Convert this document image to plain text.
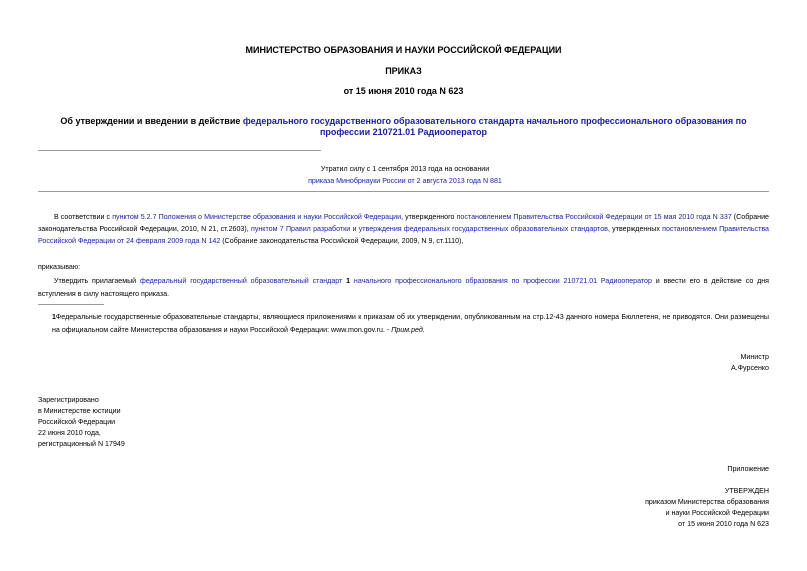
МИНИСТЕРСТВО ОБРАЗОВАНИЯ И НАУКИ РОССИЙСКОЙ ФЕДЕРАЦИИ
ПРИКАЗ
от 15 июня 2010 года N 623
Об утверждении и введении в действие федерального государственного образовательного стандарта начального профессионального образования по профессии 210721.01 Радиооператор
Утратил силу с 1 сентября 2013 года на основании
приказа Минобрнауки России от 2 августа 2013 года N 881
В соответствии с пунктом 5.2.7 Положения о Министерстве образования и науки Российской Федерации, утвержденного постановлением Правительства Российской Федерации от 15 мая 2010 года N 337 (Собрание законодательства Российской Федерации, 2010, N 21, ст.2603), пунктом 7 Правил разработки и утверждения федеральных государственных образовательных стандартов, утвержденных постановлением Правительства Российской Федерации от 24 февраля 2009 года N 142 (Собрание законодательства Российской Федерации, 2009, N 9, ст.1110),
приказываю:
Утвердить прилагаемый федеральный государственный образовательный стандарт 1 начального профессионального образования по профессии 210721.01 Радиооператор и ввести его в действие со дня вступления в силу настоящего приказа.
1Федеральные государственные образовательные стандарты, являющиеся приложениями к приказам об их утверждении, опубликованным на стр.12-43 данного номера Бюллетеня, не приводятся. Они размещены на официальном сайте Министерства образования и науки Российской Федерации: www.mon.gov.ru. - Прим.ред.
Министр
А.Фурсенко
Зарегистрировано
в Министерстве юстиции
Российской Федерации
22 июня 2010 года,
регистрационный N 17949
Приложение
УТВЕРЖДЕН
приказом Министерства образования
и науки Российской Федерации
от 15 июня 2010 года N 623
